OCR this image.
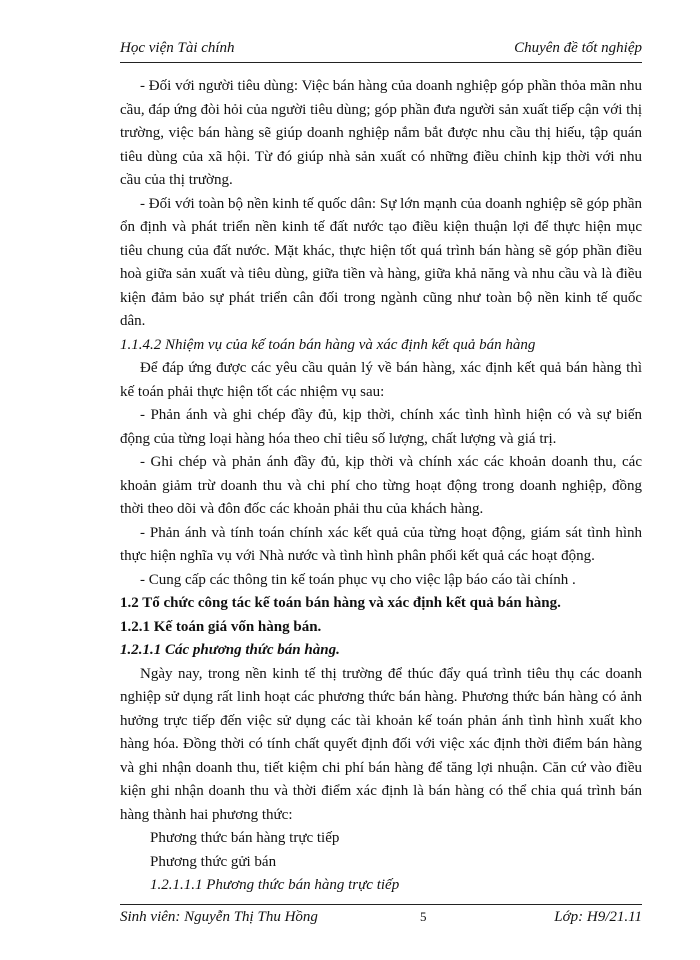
Học viện Tài chính	Chuyên đề tốt nghiệp

- Đối với người tiêu dùng: Việc bán hàng của doanh nghiệp góp phần thỏa mãn nhu cầu, đáp ứng đòi hỏi của người tiêu dùng; góp phần đưa người sản xuất tiếp cận với thị trường, việc bán hàng sẽ giúp doanh nghiệp nắm bắt được nhu cầu thị hiếu, tập quán tiêu dùng của xã hội. Từ đó giúp nhà sản xuất có những điều chỉnh kịp thời với nhu cầu của thị trường.

- Đối với toàn bộ nền kinh tế quốc dân: Sự lớn mạnh của doanh nghiệp sẽ góp phần ổn định và phát triển nền kinh tế đất nước tạo điều kiện thuận lợi để thực hiện mục tiêu chung của đất nước. Mặt khác, thực hiện tốt quá trình bán hàng sẽ góp phần điều hoà giữa sản xuất và tiêu dùng, giữa tiền và hàng, giữa khả năng và nhu cầu và là điều kiện đảm bảo sự phát triển cân đối trong ngành cũng như toàn bộ nền kinh tế quốc dân.

1.1.4.2 Nhiệm vụ của kế toán bán hàng và xác định kết quả bán hàng

Để đáp ứng được các yêu cầu quản lý về bán hàng, xác định kết quả bán hàng thì kế toán phải thực hiện tốt các nhiệm vụ sau:

- Phản ánh và ghi chép đầy đủ, kịp thời, chính xác tình hình hiện có và sự biến động của từng loại hàng hóa theo chỉ tiêu số lượng, chất lượng và giá trị.

- Ghi chép và phản ánh đầy đủ, kịp thời và chính xác các khoản doanh thu, các khoản giảm trừ doanh thu và chi phí cho từng hoạt động trong doanh nghiệp, đồng thời theo dõi và đôn đốc các khoản phải thu của khách hàng.

- Phản ánh và tính toán chính xác kết quả của từng hoạt động, giám sát tình hình thực hiện nghĩa vụ với Nhà nước và tình hình phân phối kết quả các hoạt động.

- Cung cấp các thông tin kế toán phục vụ cho việc lập báo cáo tài chính .

1.2 Tổ chức công tác kế toán bán hàng và xác định kết quả bán hàng.

1.2.1 Kế toán giá vốn hàng bán.

1.2.1.1 Các phương thức bán hàng.

Ngày nay, trong nền kinh tế thị trường để thúc đẩy quá trình tiêu thụ các doanh nghiệp sử dụng rất linh hoạt các phương thức bán hàng. Phương thức bán hàng có ảnh hưởng trực tiếp đến việc sử dụng các tài khoản kế toán phản ánh tình hình xuất kho hàng hóa. Đồng thời có tính chất quyết định đối với việc xác định thời điểm bán hàng và ghi nhận doanh thu, tiết kiệm chi phí bán hàng để tăng lợi nhuận. Căn cứ vào điều kiện ghi nhận doanh thu và thời điểm xác định là bán hàng có thể chia quá trình bán hàng thành hai phương thức:

Phương thức bán hàng trực tiếp

Phương thức gửi bán

1.2.1.1.1 Phương thức bán hàng trực tiếp

Sinh viên: Nguyễn Thị Thu Hồng	5	Lớp: H9/21.11
